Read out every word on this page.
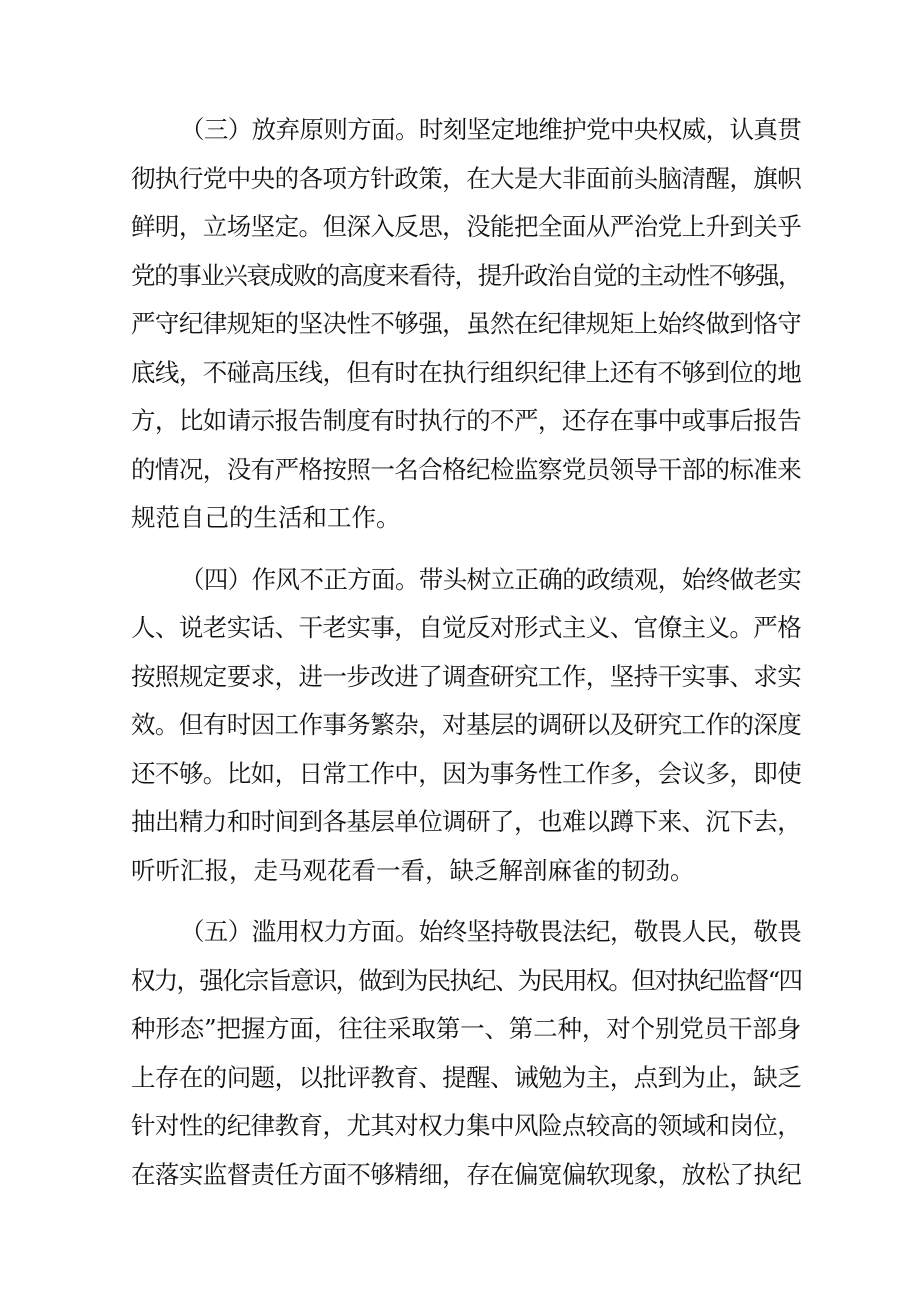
（三）放弃原则方面。时刻坚定地维护党中央权威，认真贯
彻执行党中央的各项方针政策，在大是大非面前头脑清醒，旗帜
鲜明，立场坚定。但深入反思，没能把全面从严治党上升到关乎
党的事业兴衰成败的高度来看待，提升政治自觉的主动性不够强，
严守纪律规矩的坚决性不够强，虽然在纪律规矩上始终做到恪守
底线，不碰高压线，但有时在执行组织纪律上还有不够到位的地
方，比如请示报告制度有时执行的不严，还存在事中或事后报告
的情况，没有严格按照一名合格纪检监察党员领导干部的标准来
规范自己的生活和工作。

（四）作风不正方面。带头树立正确的政绩观，始终做老实
人、说老实话、干老实事，自觉反对形式主义、官僚主义。严格
按照规定要求，进一步改进了调查研究工作，坚持干实事、求实
效。但有时因工作事务繁杂，对基层的调研以及研究工作的深度
还不够。比如，日常工作中，因为事务性工作多，会议多，即使
抽出精力和时间到各基层单位调研了，也难以蹲下来、沉下去，
听听汇报，走马观花看一看，缺乏解剖麻雀的韧劲。

（五）滥用权力方面。始终坚持敬畏法纪，敬畏人民，敬畏
权力，强化宗旨意识，做到为民执纪、为民用权。但对执纪监督“四
种形态”把握方面，往往采取第一、第二种，对个别党员干部身
上存在的问题，以批评教育、提醒、诫勉为主，点到为止，缺乏
针对性的纪律教育，尤其对权力集中风险点较高的领域和岗位，
在落实监督责任方面不够精细，存在偏宽偏软现象，放松了执纪
